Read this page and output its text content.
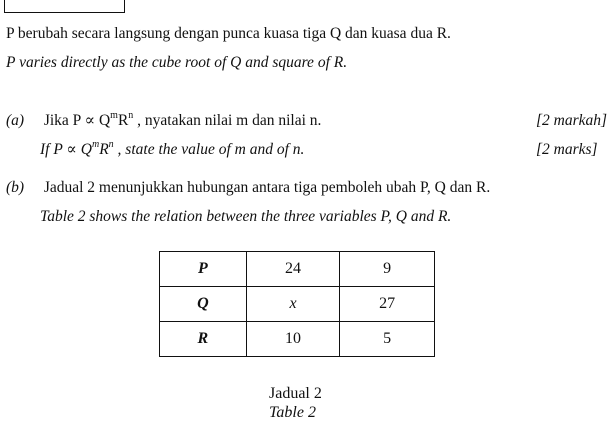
P berubah secara langsung dengan punca kuasa tiga Q dan kuasa dua R.
P varies directly as the cube root of Q and square of R.
(a) Jika $P \propto Q^mR^n$ , nyatakan nilai m dan nilai n.	[2 markah]
If $P \propto Q^mR^n$ , state the value of m and of n.	[2 marks]
(b) Jadual 2 menunjukkan hubungan antara tiga pemboleh ubah P, Q dan R.
Table 2 shows the relation between the three variables P, Q and R.
P	24	9
Q	x	27
R	10	5
Jadual 2
Table 2
